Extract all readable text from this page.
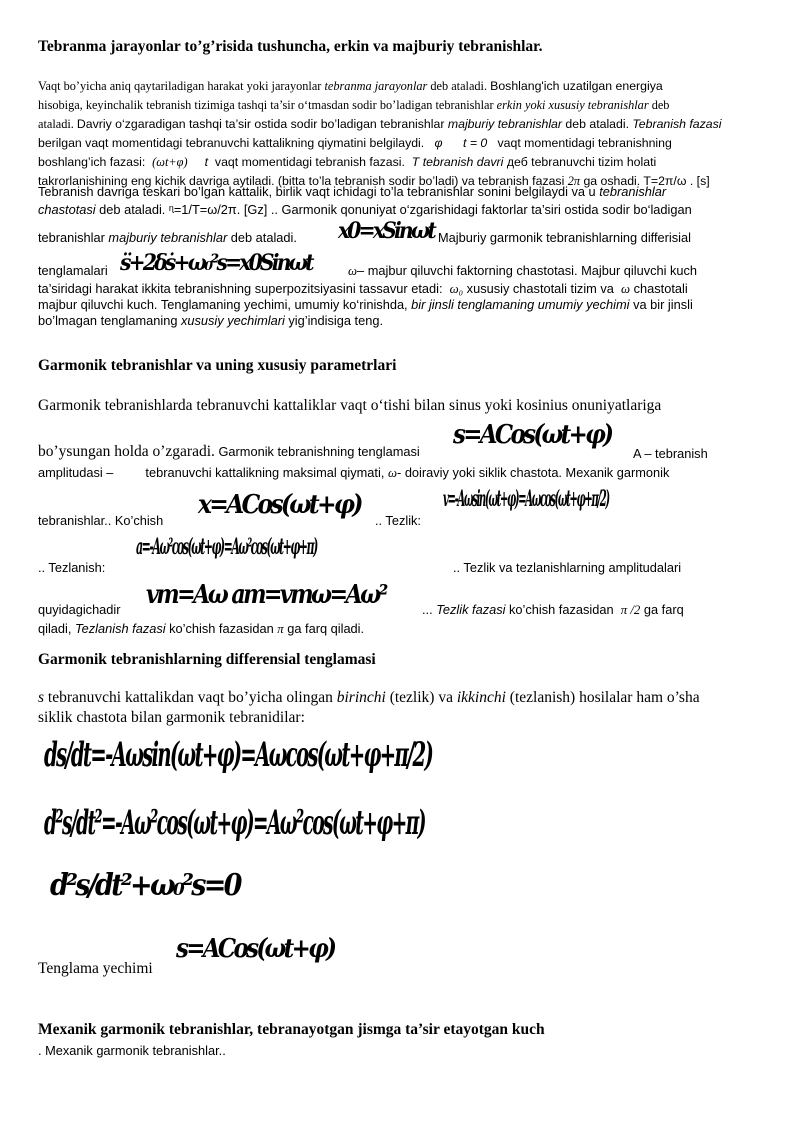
Tebranma jarayonlar to’g’risida tushuncha, erkin va majburiy tebranishlar.
Vaqt bo’yicha aniq qaytariladigan harakat yoki jarayonlar tebranma jarayonlar deb ataladi. Boshlang'ich uzatilgan energiya
hisobiga, keyinchalik tebranish tizimiga tashqi ta’sir o‘tmasdan sodir bo’ladigan tebranishlar erkin yoki xususiy tebranishlar deb
ataladi. Davriy o‘zgaradigan tashqi ta’sir ostida sodir bo’ladigan tebranishlar majburiy tebranishlar deb ataladi. Tebranish fazasi
berilgan vaqt momentidagi tebranuvchi kattalikning qiymatini belgilaydi. φ t = 0 vaqt momentidagi tebranishning
boshlang’ich fazasi: (ωt+φ) t vaqt momentidagi tebranish fazasi. T tebranish davri деб tebranuvchi tizim holati
takrorlanishining eng kichik davriga aytiladi. (bitta to’la tebranish sodir bo’ladi) va tebranish fazasi 2π ga oshadi. T=2π/ω . [s]
Tebranish davriga teskari bo’lgan kattalik, birlik vaqt ichidagi to’la tebranishlar sonini belgilaydi va u tebranishlar
chastotasi deb ataladi. ᶯ=1/T=ω/2π. [Gz] .. Garmonik qonuniyat o‘zgarishidagi faktorlar ta’siri ostida sodir bo‘ladigan
tebranishlar majburiy tebranishlar deb ataladi. x0=xSinωt Majburiy garmonik tebranishlarning differisial
tenglamalari s̈+2δṡ+ω₀²s=x0Sinωt	ω– majbur qiluvchi faktorning chastotasi. Majbur qiluvchi kuch
ta’siridagi harakat ikkita tebranishning superpozitsiyasini tassavur etadi: ω₀ xususiy chastotali tizim va ω chastotali
majbur qiluvchi kuch. Tenglamaning yechimi, umumiy ko‘rinishda, bir jinsli tenglamaning umumiy yechimi va bir jinsli
bo’lmagan tenglamaning xususiy yechimlari yig’indisiga teng.
Garmonik tebranishlar va uning xususiy parametrlari
Garmonik tebranishlarda tebranuvchi kattaliklar vaqt o‘tishi bilan sinus yoki kosinius onuniyatlariga
bo’ysungan holda o’zgaradi. Garmonik tebranishning tenglamasi
s=ACos(ωt+φ)
A – tebranish
amplitudasi –	tebranuvchi kattalikning maksimal qiymati, ω- doiraviy yoki siklik chastota. Mexanik garmonik
tebranishlar.. Ko’chish
x=ACos(ωt+φ)
.. Tezlik:
v=-Aωsin(ωt+φ)=Aωcos(ωt+φ+π/2)
.. Tezlanish:
a=-Aω²cos(ωt+φ)=Aω²cos(ωt+φ+π)
.. Tezlik va tezlanishlarning amplitudalari
quyidagichadir vm=Aω am=vmω=Aω²	... Tezlik fazasi ko’chish fazasidan π /2 ga farq
qiladi, Tezlanish fazasi ko’chish fazasidan π ga farq qiladi.
Garmonik tebranishlarning differensial tenglamasi
s tebranuvchi kattalikdan vaqt bo’yicha olingan birinchi (tezlik) va ikkinchi (tezlanish) hosilalar ham o’sha
siklik chastota bilan garmonik tebranidilar:
ds/dt=-Aωsin(ωt+φ)=Aωcos(ωt+φ+π/2)
d²s/dt²=-Aω²cos(ωt+φ)=Aω²cos(ωt+φ+π)
d²s/dt²+ω₀²s=0
Tenglama yechimi
s=ACos(ωt+φ)
Mexanik garmonik tebranishlar, tebranayotgan jismga ta’sir etayotgan kuch
. Mexanik garmonik tebranishlar..
